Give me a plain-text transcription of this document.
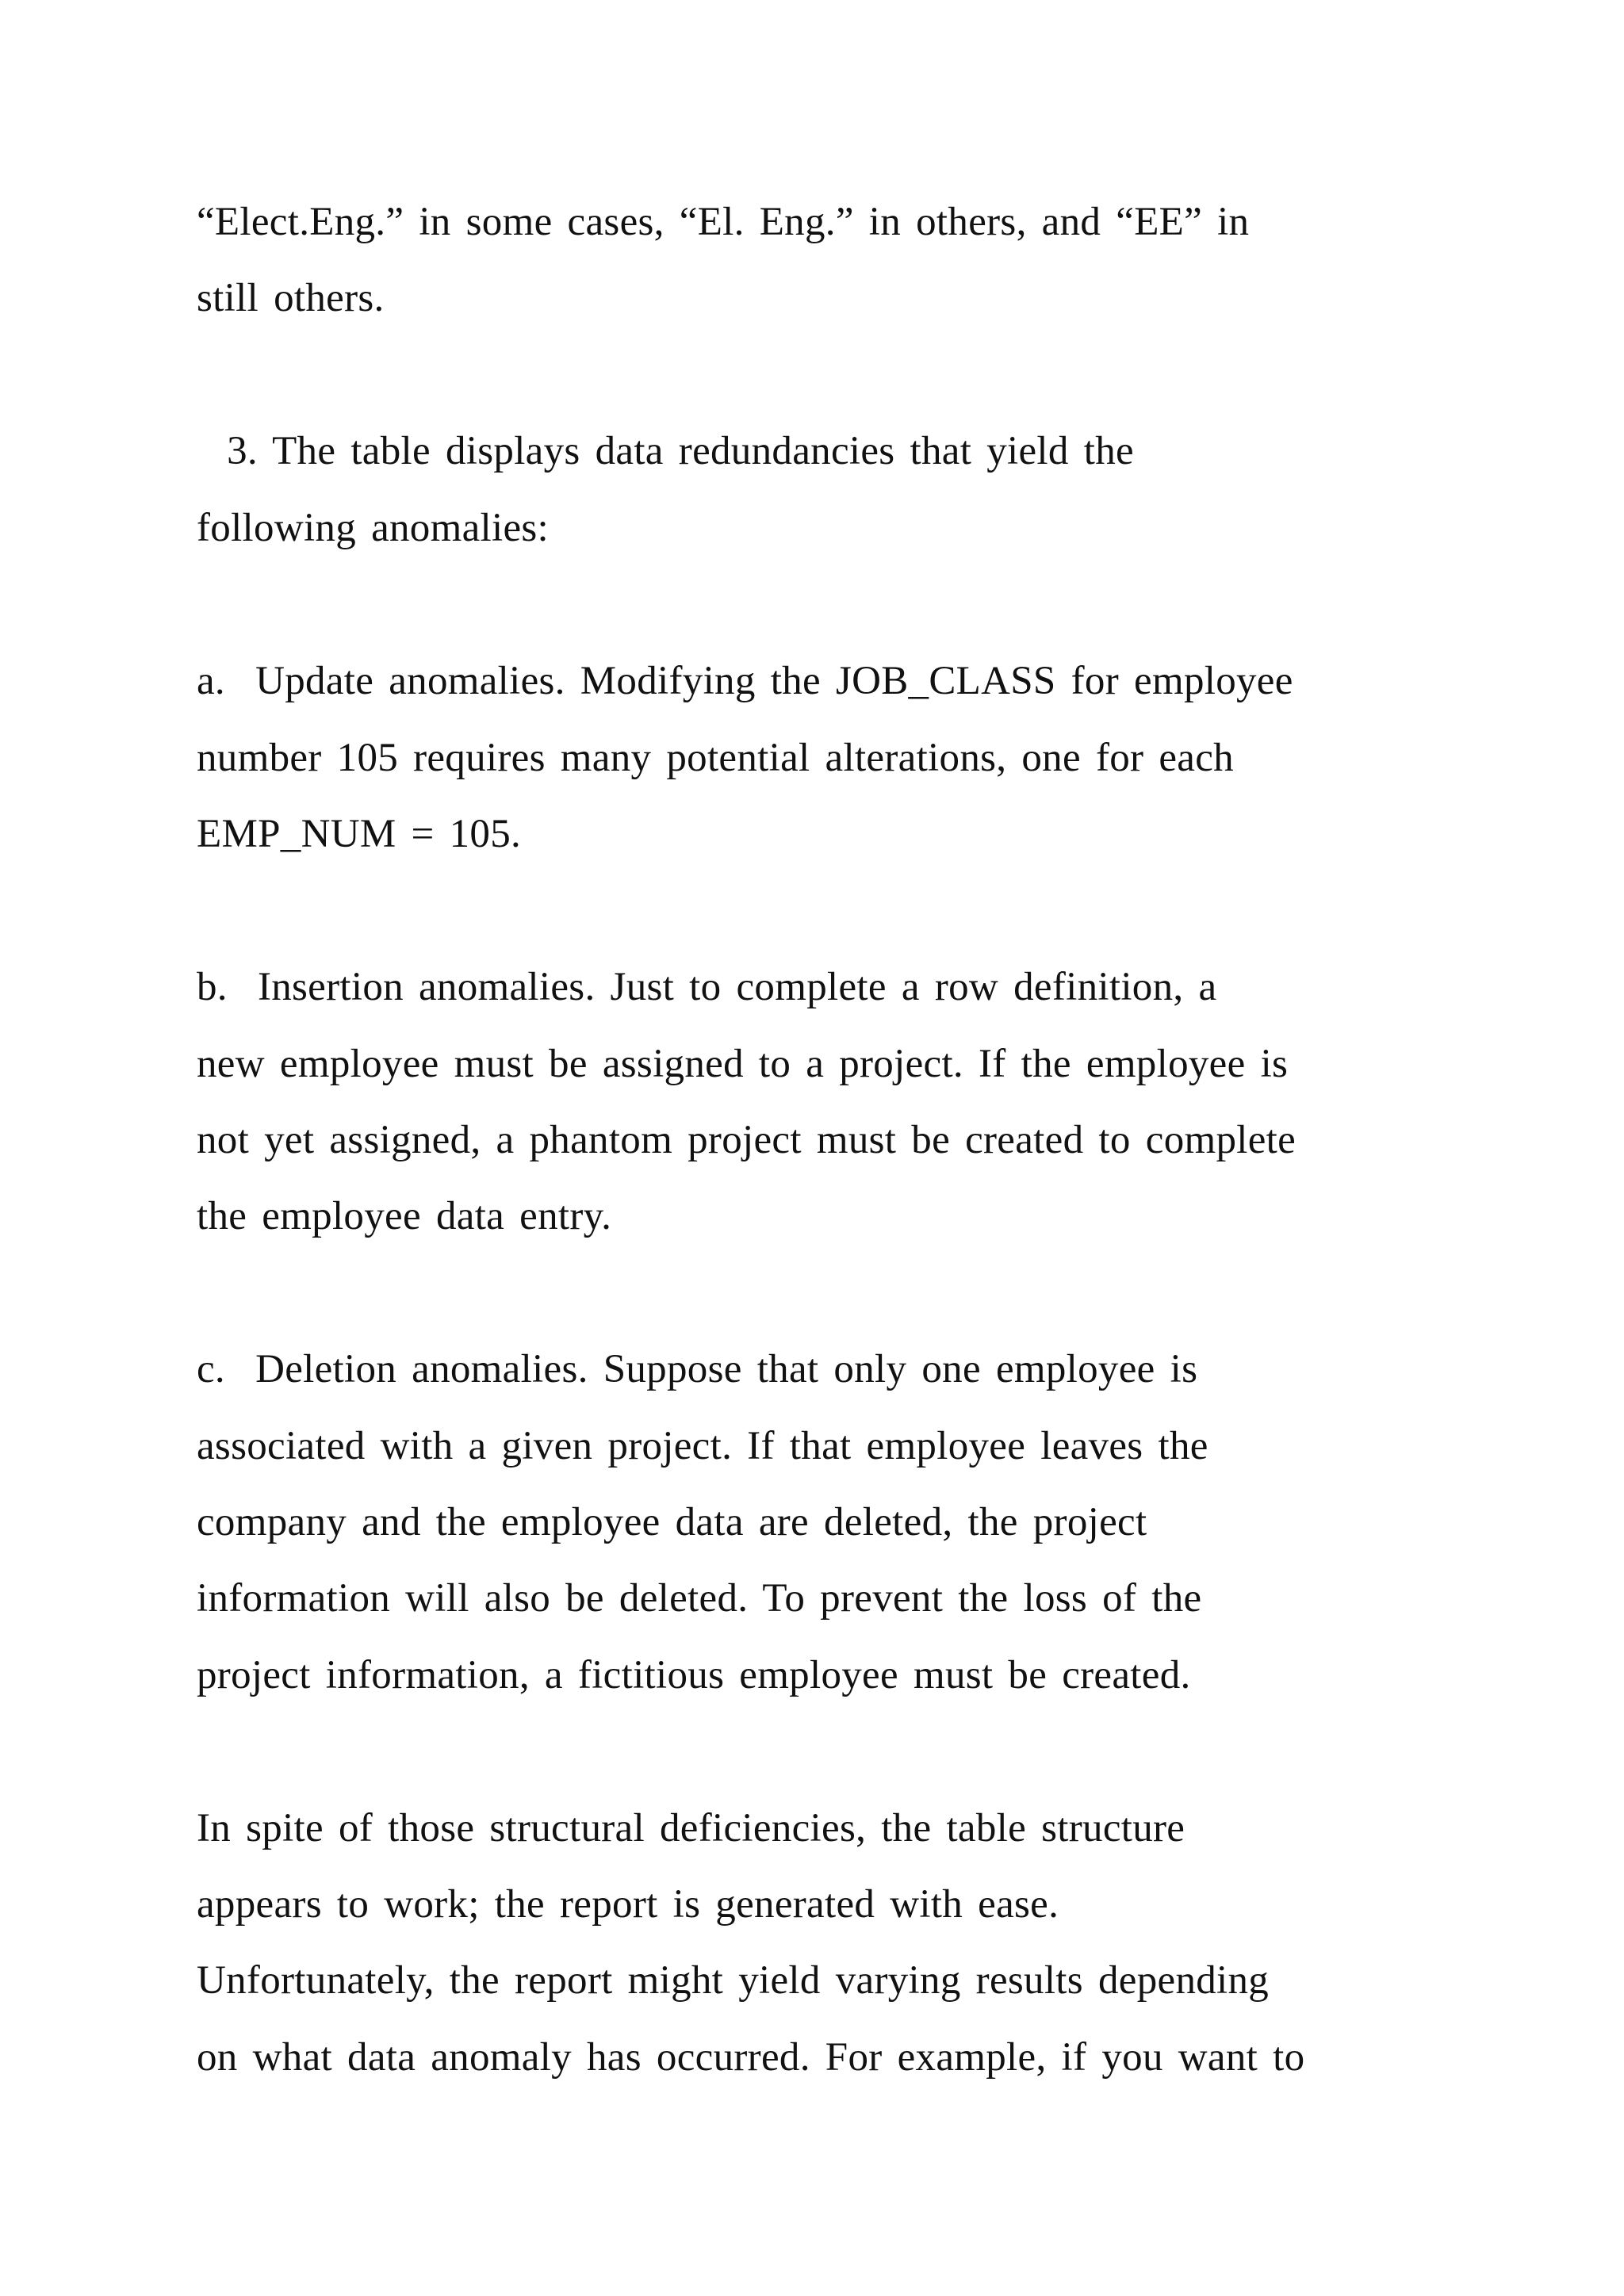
“Elect.Eng.” in some cases, “El. Eng.” in others, and “EE” in

still others.

3. The table displays data redundancies that yield the

following anomalies:

a.  Update anomalies. Modifying the JOB_CLASS for employee

number 105 requires many potential alterations, one for each

EMP_NUM = 105.

b.  Insertion anomalies. Just to complete a row definition, a

new employee must be assigned to a project. If the employee is

not yet assigned, a phantom project must be created to complete

the employee data entry.

c.  Deletion anomalies. Suppose that only one employee is

associated with a given project. If that employee leaves the

company and the employee data are deleted, the project

information will also be deleted. To prevent the loss of the

project information, a fictitious employee must be created.

In spite of those structural deficiencies, the table structure

appears to work; the report is generated with ease.

Unfortunately, the report might yield varying results depending

on what data anomaly has occurred. For example, if you want to
